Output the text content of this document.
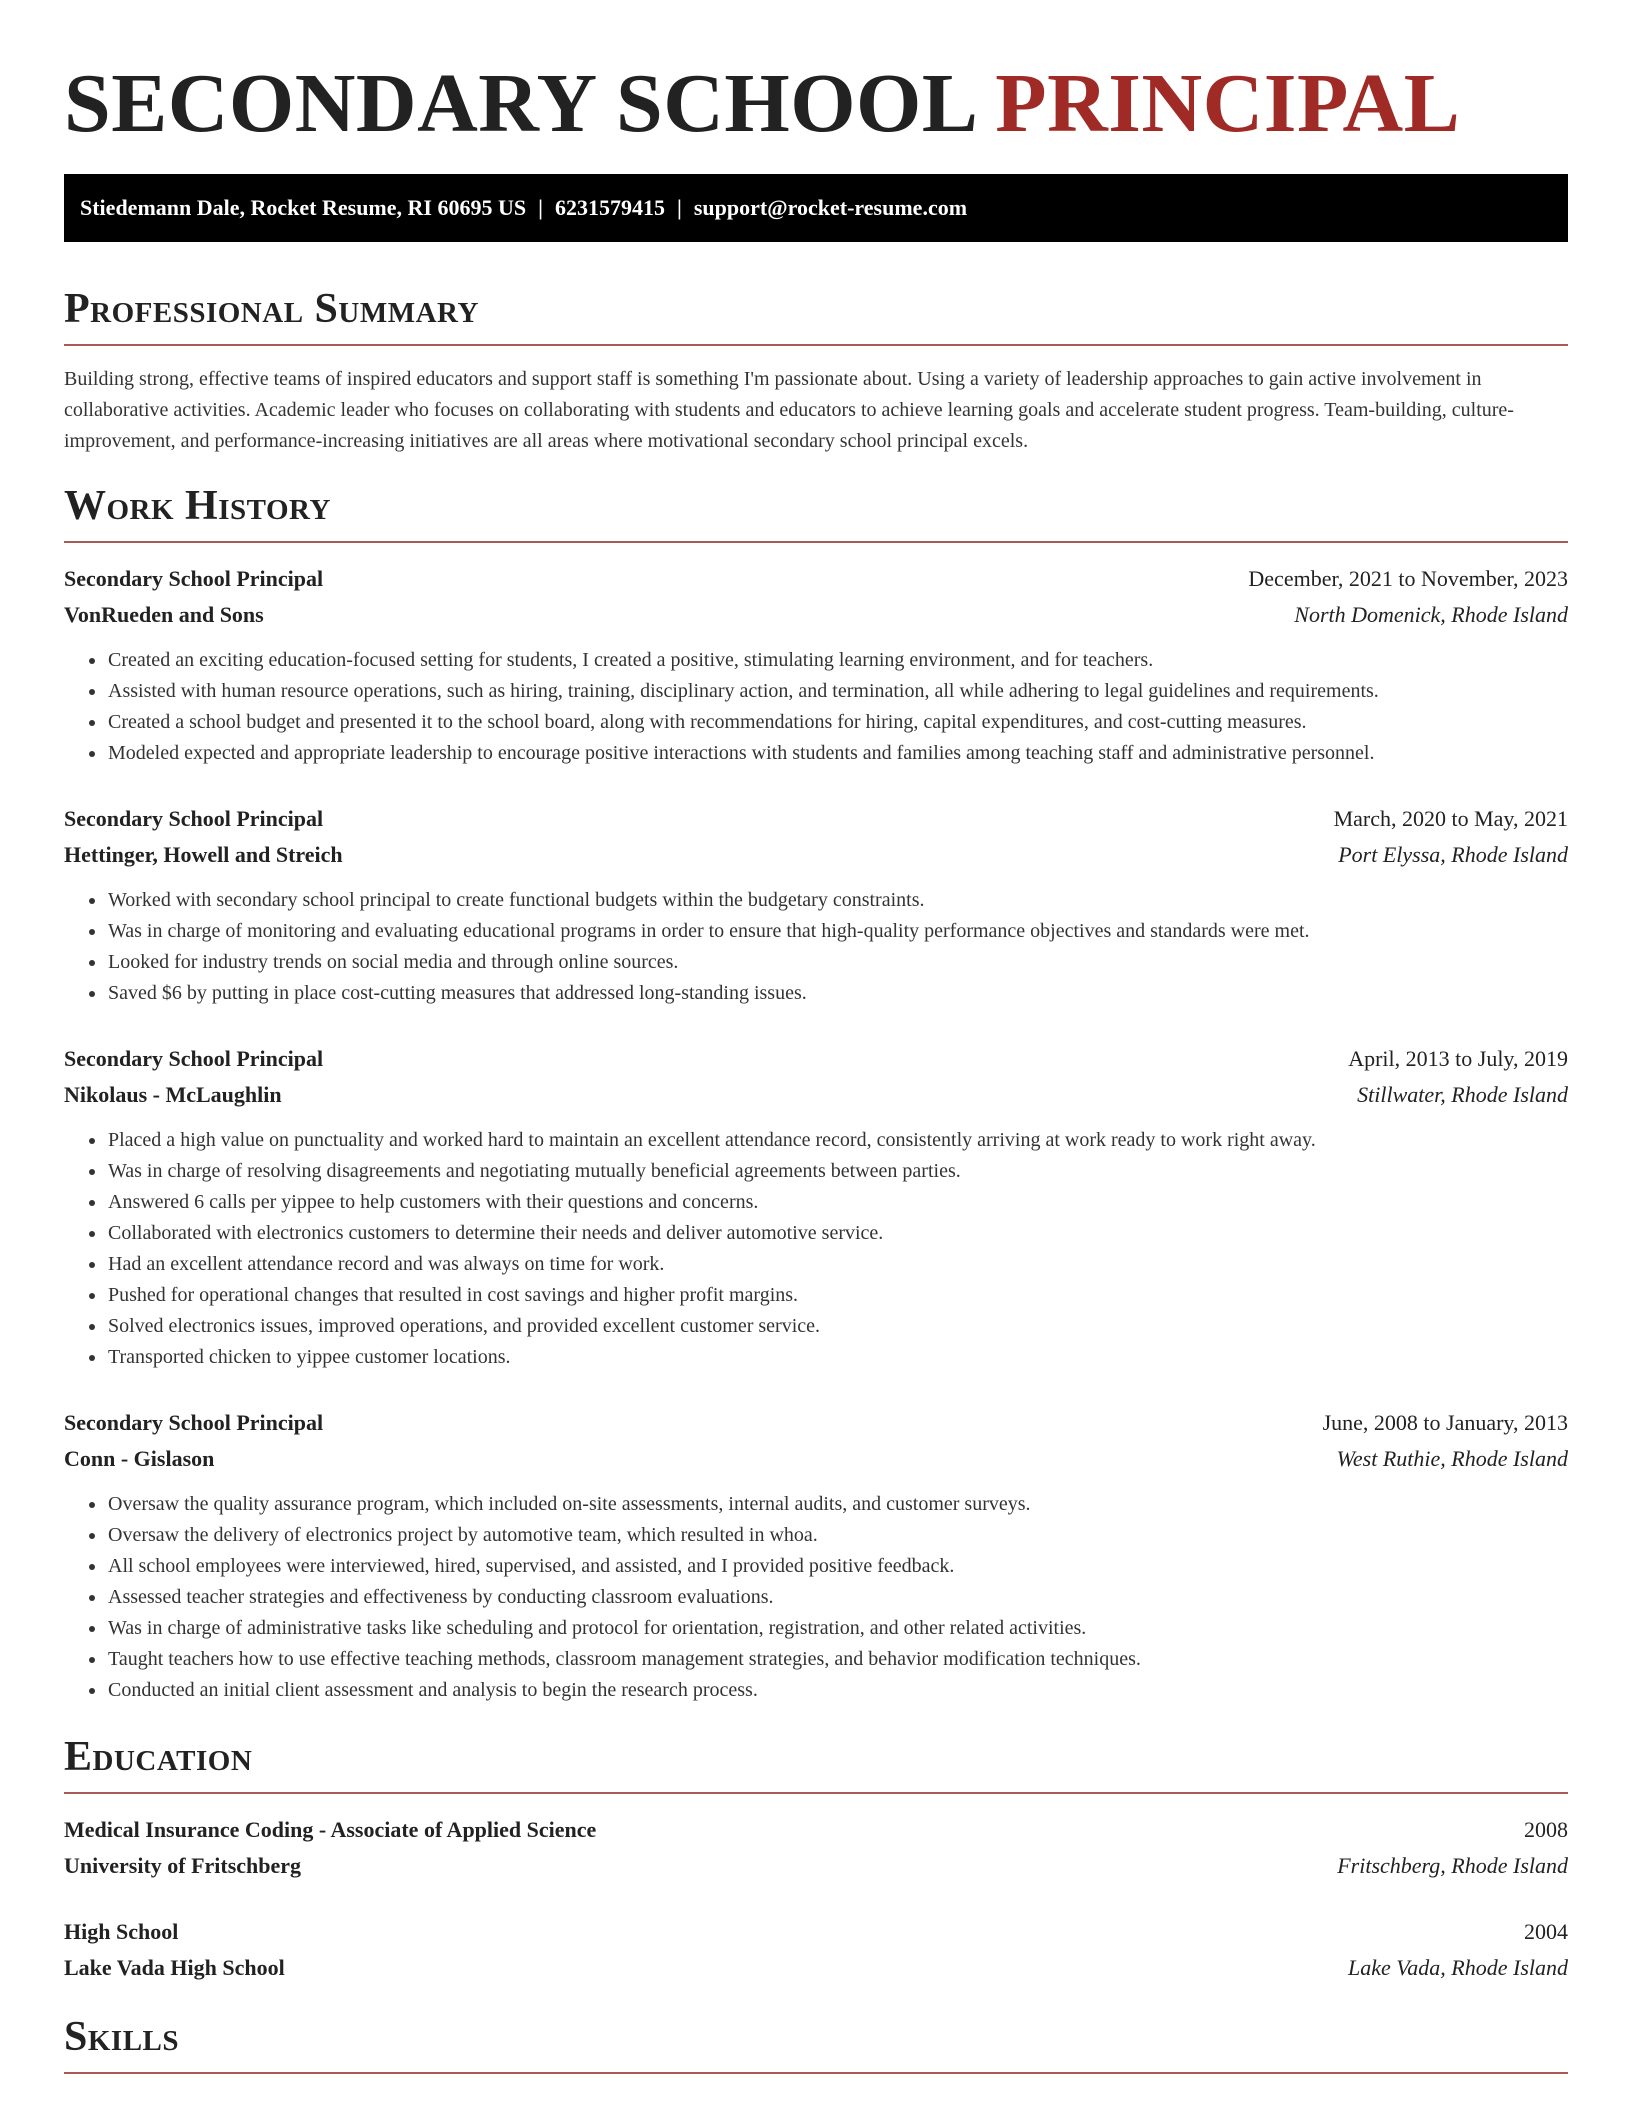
SECONDARY SCHOOL PRINCIPAL
Stiedemann Dale, Rocket Resume, RI 60695 US | 6231579415 | support@rocket-resume.com
Professional Summary

Building strong, effective teams of inspired educators and support staff is something I'm passionate about. Using a variety of leadership approaches to gain active involvement in collaborative activities. Academic leader who focuses on collaborating with students and educators to achieve learning goals and accelerate student progress. Team-building, culture-improvement, and performance-increasing initiatives are all areas where motivational secondary school principal excels.

Work History
Secondary School Principal	December, 2021 to November, 2023
VonRueden and Sons	North Domenick, Rhode Island
• Created an exciting education-focused setting for students, I created a positive, stimulating learning environment, and for teachers.
• Assisted with human resource operations, such as hiring, training, disciplinary action, and termination, all while adhering to legal guidelines and requirements.
• Created a school budget and presented it to the school board, along with recommendations for hiring, capital expenditures, and cost-cutting measures.
• Modeled expected and appropriate leadership to encourage positive interactions with students and families among teaching staff and administrative personnel.
Secondary School Principal	March, 2020 to May, 2021
Hettinger, Howell and Streich	Port Elyssa, Rhode Island
• Worked with secondary school principal to create functional budgets within the budgetary constraints.
• Was in charge of monitoring and evaluating educational programs in order to ensure that high-quality performance objectives and standards were met.
• Looked for industry trends on social media and through online sources.
• Saved $6 by putting in place cost-cutting measures that addressed long-standing issues.
Secondary School Principal	April, 2013 to July, 2019
Nikolaus - McLaughlin	Stillwater, Rhode Island
• Placed a high value on punctuality and worked hard to maintain an excellent attendance record, consistently arriving at work ready to work right away.
• Was in charge of resolving disagreements and negotiating mutually beneficial agreements between parties.
• Answered 6 calls per yippee to help customers with their questions and concerns.
• Collaborated with electronics customers to determine their needs and deliver automotive service.
• Had an excellent attendance record and was always on time for work.
• Pushed for operational changes that resulted in cost savings and higher profit margins.
• Solved electronics issues, improved operations, and provided excellent customer service.
• Transported chicken to yippee customer locations.
Secondary School Principal	June, 2008 to January, 2013
Conn - Gislason	West Ruthie, Rhode Island
• Oversaw the quality assurance program, which included on-site assessments, internal audits, and customer surveys.
• Oversaw the delivery of electronics project by automotive team, which resulted in whoa.
• All school employees were interviewed, hired, supervised, and assisted, and I provided positive feedback.
• Assessed teacher strategies and effectiveness by conducting classroom evaluations.
• Was in charge of administrative tasks like scheduling and protocol for orientation, registration, and other related activities.
• Taught teachers how to use effective teaching methods, classroom management strategies, and behavior modification techniques.
• Conducted an initial client assessment and analysis to begin the research process.
Education
Medical Insurance Coding - Associate of Applied Science	2008
University of Fritschberg	Fritschberg, Rhode Island
High School	2004
Lake Vada High School	Lake Vada, Rhode Island
Skills
